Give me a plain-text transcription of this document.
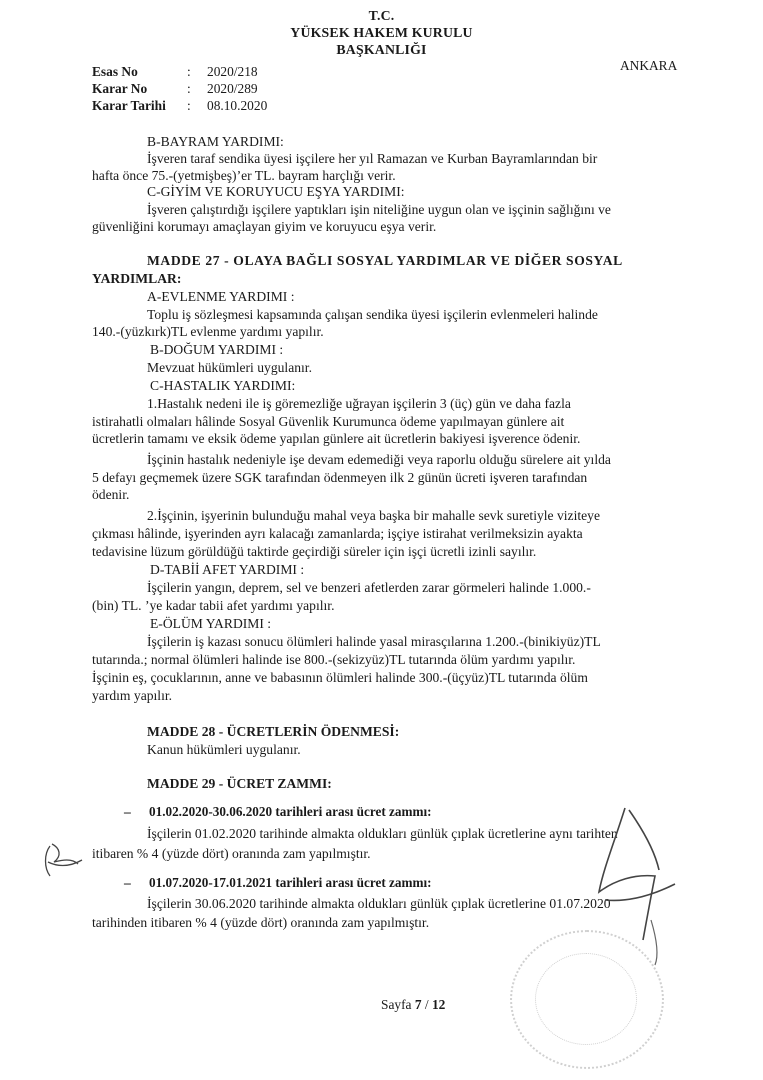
T.C.
YÜKSEK HAKEM KURULU
BAŞKANLIĞI
ANKARA
Esas No	: 2020/218
Karar No	: 2020/289
Karar Tarihi : 08.10.2020
B-BAYRAM YARDIMI:
İşveren taraf sendika üyesi işçilere her yıl Ramazan ve Kurban Bayramlarından bir
hafta önce 75.-(yetmişbeş)’er TL. bayram harçlığı verir.
C-GİYİM VE KORUYUCU EŞYA YARDIMI:
İşveren çalıştırdığı işçilere yaptıkları işin niteliğine uygun olan ve işçinin sağlığını ve
güvenliğini korumayı amaçlayan giyim ve koruyucu eşya verir.
MADDE 27 - OLAYA BAĞLI SOSYAL YARDIMLAR VE DİĞER SOSYAL
YARDIMLAR:
A-EVLENME YARDIMI :
Toplu iş sözleşmesi kapsamında çalışan sendika üyesi işçilerin evlenmeleri halinde
140.-(yüzkırk)TL evlenme yardımı yapılır.
B-DOĞUM YARDIMI :
Mevzuat hükümleri uygulanır.
C-HASTALIK YARDIMI:
1.Hastalık nedeni ile iş göremezliğe uğrayan işçilerin 3 (üç) gün ve daha fazla
istirahatli olmaları hâlinde Sosyal Güvenlik Kurumunca ödeme yapılmayan günlere ait
ücretlerin tamamı ve eksik ödeme yapılan günlere ait ücretlerin bakiyesi işverence ödenir.
İşçinin hastalık nedeniyle işe devam edemediği veya raporlu olduğu sürelere ait yılda
5 defayı geçmemek üzere SGK tarafından ödenmeyen ilk 2 günün ücreti işveren tarafından
ödenir.
2.İşçinin, işyerinin bulunduğu mahal veya başka bir mahalle sevk suretiyle viziteye
çıkması hâlinde, işyerinden ayrı kalacağı zamanlarda; işçiye istirahat verilmeksizin ayakta
tedavisine lüzum görüldüğü taktirde geçirdiği süreler için işçi ücretli izinli sayılır.
D-TABİİ AFET YARDIMI :
İşçilerin yangın, deprem, sel ve benzeri afetlerden zarar görmeleri halinde 1.000.-
(bin) TL. ’ye kadar tabii afet yardımı yapılır.
E-ÖLÜM YARDIMI :
İşçilerin iş kazası sonucu ölümleri halinde yasal mirasçılarına 1.200.-(binikiyüz)TL
tutarında.; normal ölümleri halinde ise 800.-(sekizyüz)TL tutarında ölüm yardımı yapılır.
İşçinin eş, çocuklarının, anne ve babasının ölümleri halinde 300.-(üçyüz)TL tutarında ölüm
yardım yapılır.
MADDE 28 - ÜCRETLERİN ÖDENMESİ:
Kanun hükümleri uygulanır.
MADDE 29 - ÜCRET ZAMMI:
– 01.02.2020-30.06.2020 tarihleri arası ücret zammı:
İşçilerin 01.02.2020 tarihinde almakta oldukları günlük çıplak ücretlerine aynı tarihten
itibaren % 4 (yüzde dört) oranında zam yapılmıştır.
– 01.07.2020-17.01.2021 tarihleri arası ücret zammı:
İşçilerin 30.06.2020 tarihinde almakta oldukları günlük çıplak ücretlerine 01.07.2020
tarihinden itibaren % 4 (yüzde dört) oranında zam yapılmıştır.
Sayfa 7 / 12
